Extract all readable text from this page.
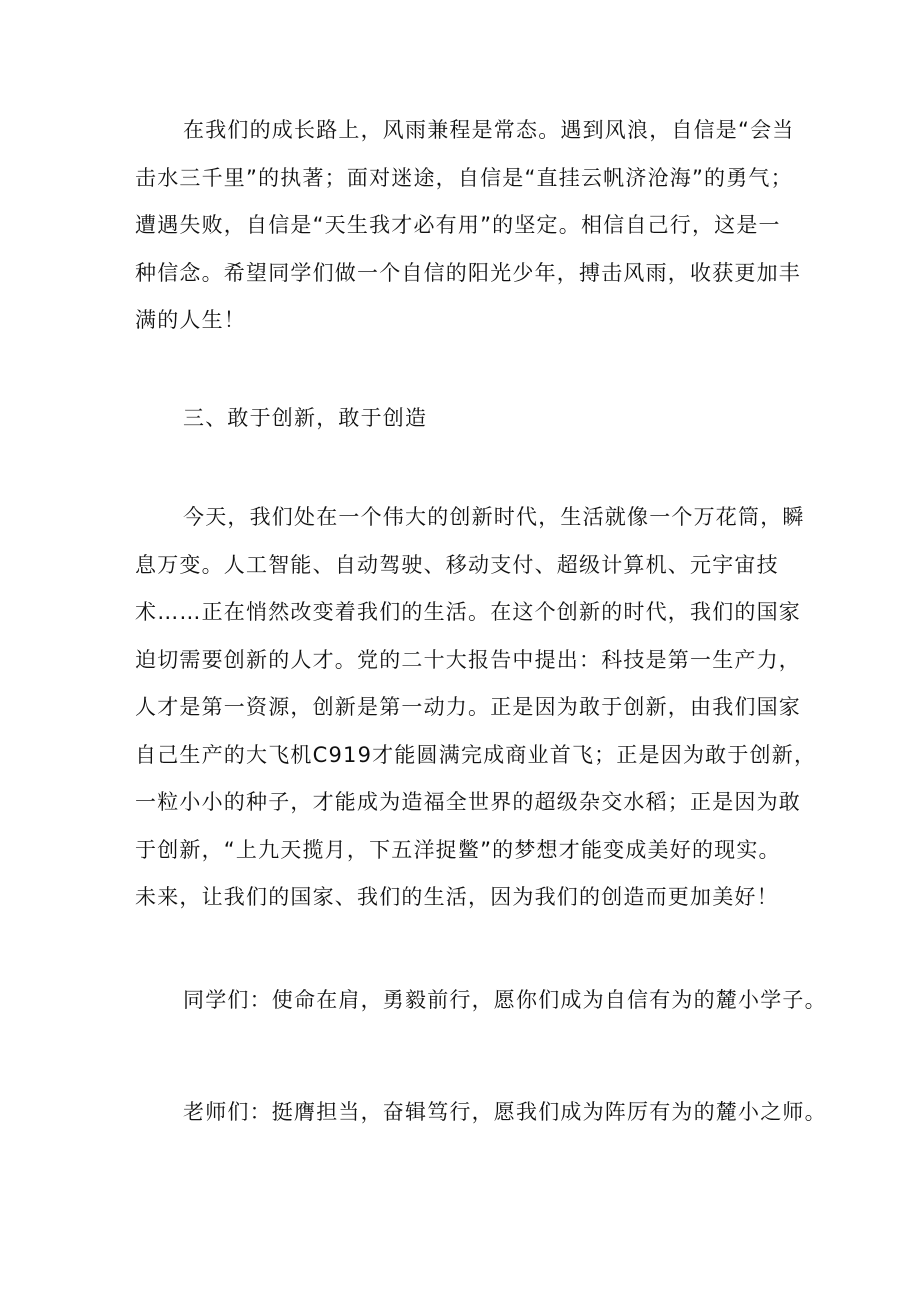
在我们的成长路上，风雨兼程是常态。遇到风浪，自信是“会当
击水三千里”的执著；面对迷途，自信是“直挂云帆济沧海”的勇气；
遭遇失败，自信是“天生我才必有用”的坚定。相信自己行，这是一
种信念。希望同学们做一个自信的阳光少年，搏击风雨，收获更加丰
满的人生！

三、敢于创新，敢于创造

今天，我们处在一个伟大的创新时代，生活就像一个万花筒，瞬
息万变。人工智能、自动驾驶、移动支付、超级计算机、元宇宙技
术……正在悄然改变着我们的生活。在这个创新的时代，我们的国家
迫切需要创新的人才。党的二十大报告中提出：科技是第一生产力，
人才是第一资源，创新是第一动力。正是因为敢于创新，由我们国家
自己生产的大飞机C919才能圆满完成商业首飞；正是因为敢于创新，
一粒小小的种子，才能成为造福全世界的超级杂交水稻；正是因为敢
于创新，“上九天揽月，下五洋捉鳖”的梦想才能变成美好的现实。
未来，让我们的国家、我们的生活，因为我们的创造而更加美好！

同学们：使命在肩，勇毅前行，愿你们成为自信有为的麓小学子。

老师们：挺膺担当，奋辑笃行，愿我们成为阵厉有为的麓小之师。
